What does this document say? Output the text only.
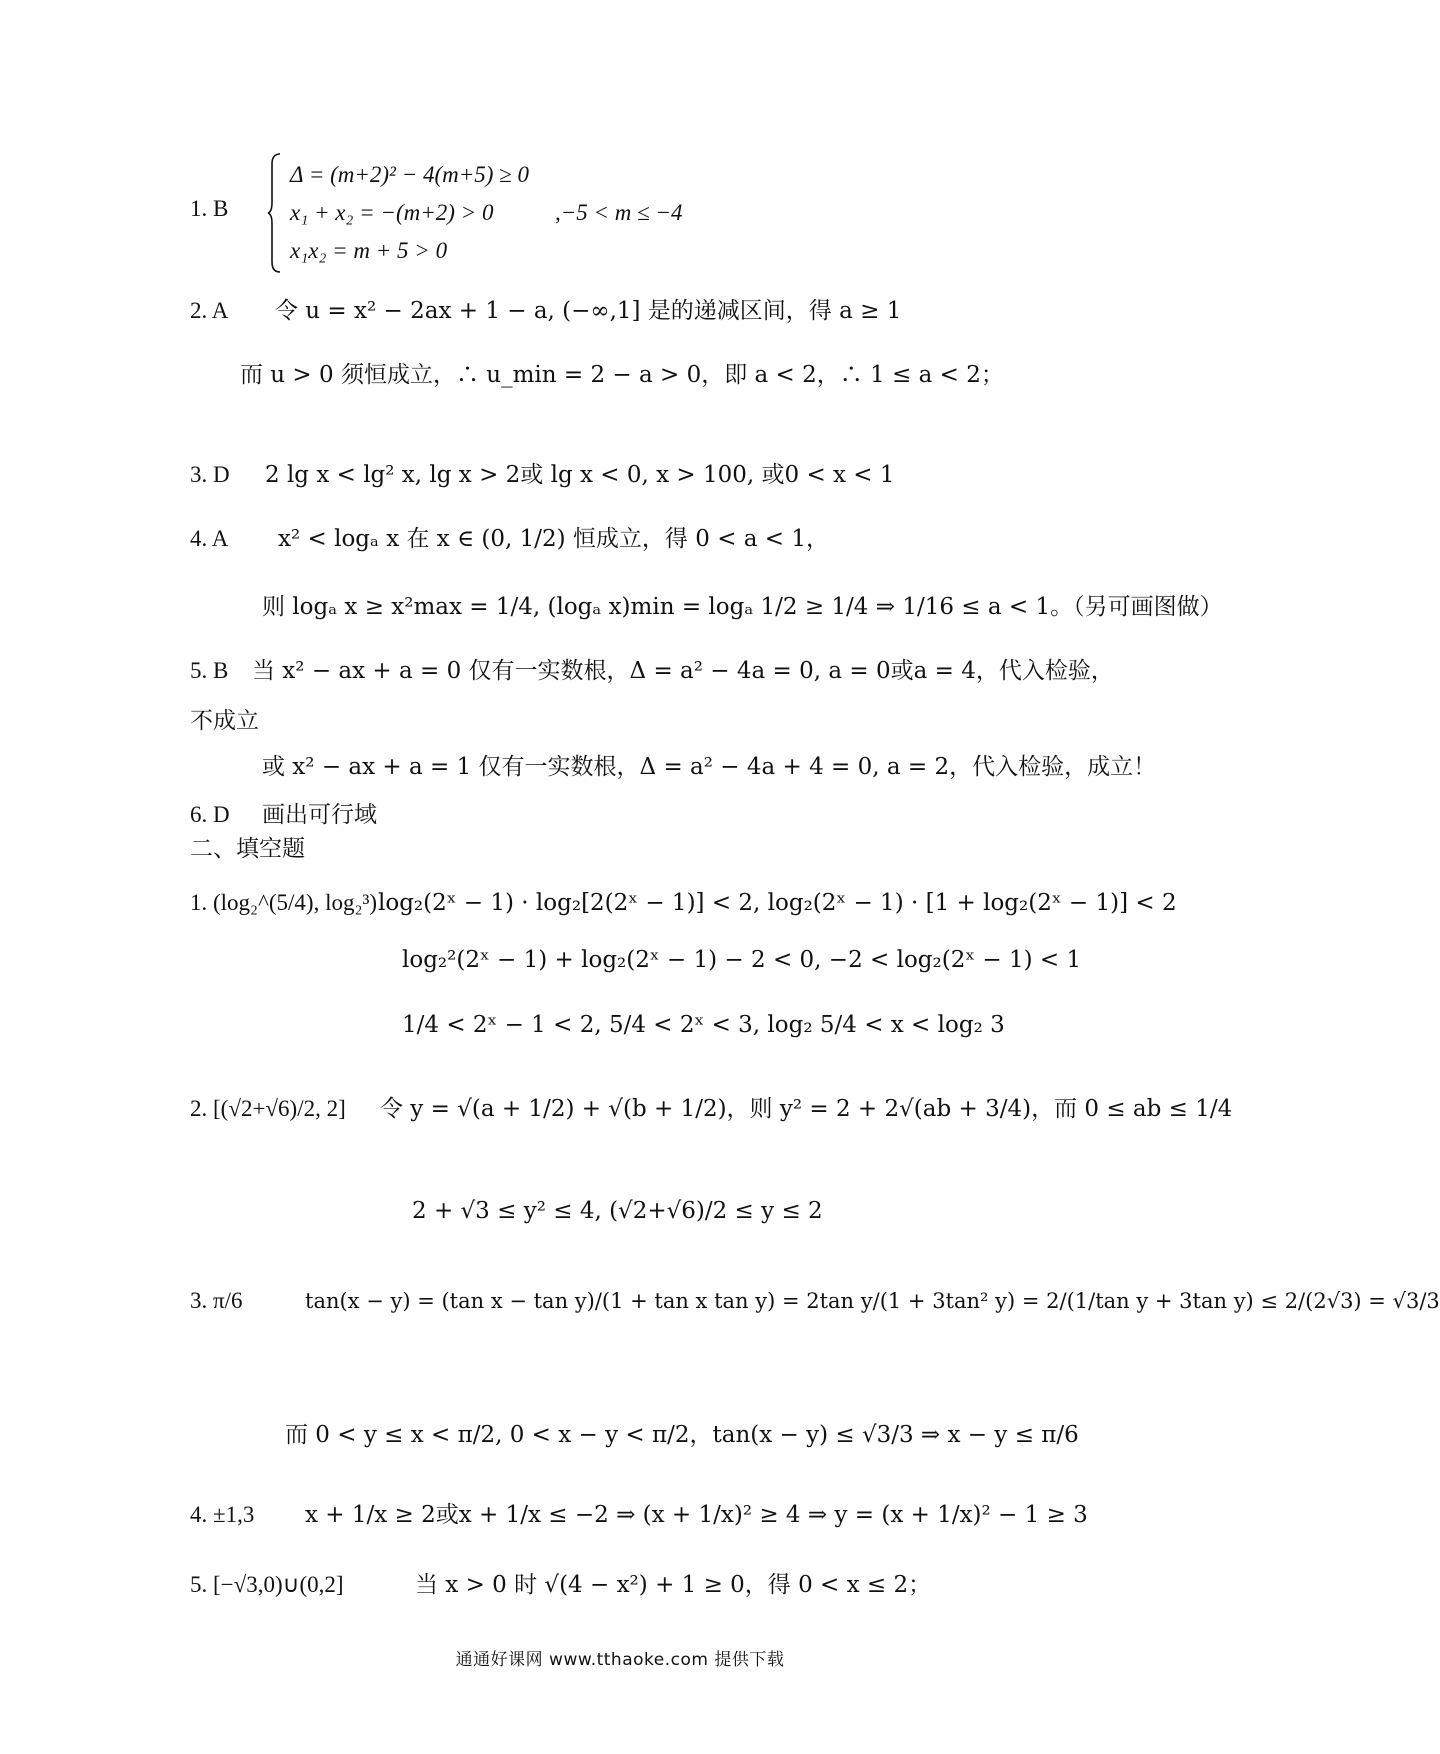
1. B
Δ = (m+2)² − 4(m+5) ≥ 0
x₁ + x₂ = −(m+2) > 0
x₁x₂ = m + 5 > 0
,−5 < m ≤ −4
2. A 令 u = x² − 2ax + 1 − a, (−∞,1] 是的递减区间，得 a ≥ 1
而 u > 0 须恒成立，∴ u_min = 2 − a > 0，即 a < 2，∴ 1 ≤ a < 2；
3. D 2 lg x < lg² x, lg x > 2或 lg x < 0, x > 100, 或0 < x < 1
4. A x² < logₐ x 在 x ∈ (0, 1/2) 恒成立，得 0 < a < 1，
则 logₐ x ≥ x²max = 1/4, (logₐ x)min = logₐ 1/2 ≥ 1/4 ⇒ 1/16 ≤ a < 1。（另可画图做）
5. B 当 x² − ax + a = 0 仅有一实数根，Δ = a² − 4a = 0, a = 0或a = 4，代入检验，
不成立
或 x² − ax + a = 1 仅有一实数根，Δ = a² − 4a + 4 = 0, a = 2，代入检验，成立！
6. D 画出可行域
二、填空题
1. (log₂^(5/4), log₂³) log₂(2ˣ − 1) · log₂[2(2ˣ − 1)] < 2, log₂(2ˣ − 1) · [1 + log₂(2ˣ − 1)] < 2
log₂²(2ˣ − 1) + log₂(2ˣ − 1) − 2 < 0, −2 < log₂(2ˣ − 1) < 1
1/4 < 2ˣ − 1 < 2, 5/4 < 2ˣ < 3, log₂ 5/4 < x < log₂ 3
2. [(√2+√6)/2, 2] 令 y = √(a + 1/2) + √(b + 1/2)，则 y² = 2 + 2√(ab + 3/4)，而 0 ≤ ab ≤ 1/4
2 + √3 ≤ y² ≤ 4, (√2+√6)/2 ≤ y ≤ 2
3. π/6	tan(x − y) = (tan x − tan y)/(1 + tan x tan y) = 2tan y/(1 + 3tan² y) = 2/(1/tan y + 3tan y) ≤ 2/(2√3) = √3/3
而 0 < y ≤ x < π/2, 0 < x − y < π/2，tan(x − y) ≤ √3/3 ⇒ x − y ≤ π/6
4. ±1,3 x + 1/x ≥ 2或x + 1/x ≤ −2 ⇒ (x + 1/x)² ≥ 4 ⇒ y = (x + 1/x)² − 1 ≥ 3
5. [−√3,0)∪(0,2]	当 x > 0 时 √(4 − x²) + 1 ≥ 0，得 0 < x ≤ 2；
通通好课网 www.tthaoke.com 提供下载
